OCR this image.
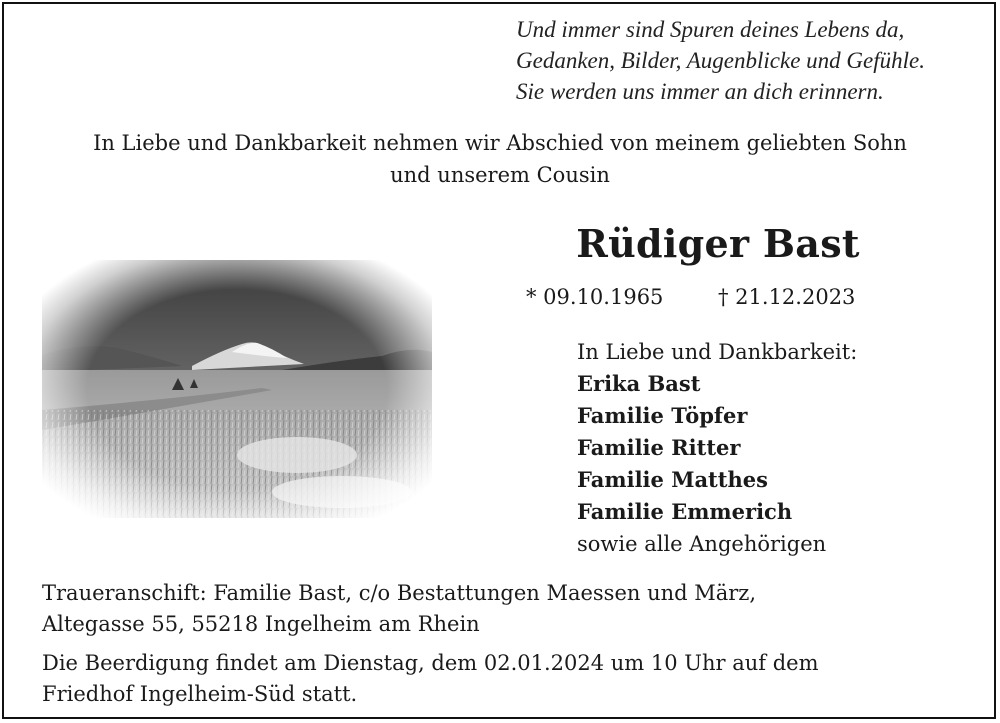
Und immer sind Spuren deines Lebens da,
Gedanken, Bilder, Augenblicke und Gefühle.
Sie werden uns immer an dich erinnern.
In Liebe und Dankbarkeit nehmen wir Abschied von meinem geliebten Sohn
und unserem Cousin
Rüdiger Bast
* 09.10.1965	† 21.12.2023
In Liebe und Dankbarkeit:
Erika Bast
Familie Töpfer
Familie Ritter
Familie Matthes
Familie Emmerich
sowie alle Angehörigen
Traueranschift: Familie Bast, c/o Bestattungen Maessen und März,
Altegasse 55, 55218 Ingelheim am Rhein
Die Beerdigung findet am Dienstag, dem 02.01.2024 um 10 Uhr auf dem
Friedhof Ingelheim-Süd statt.
